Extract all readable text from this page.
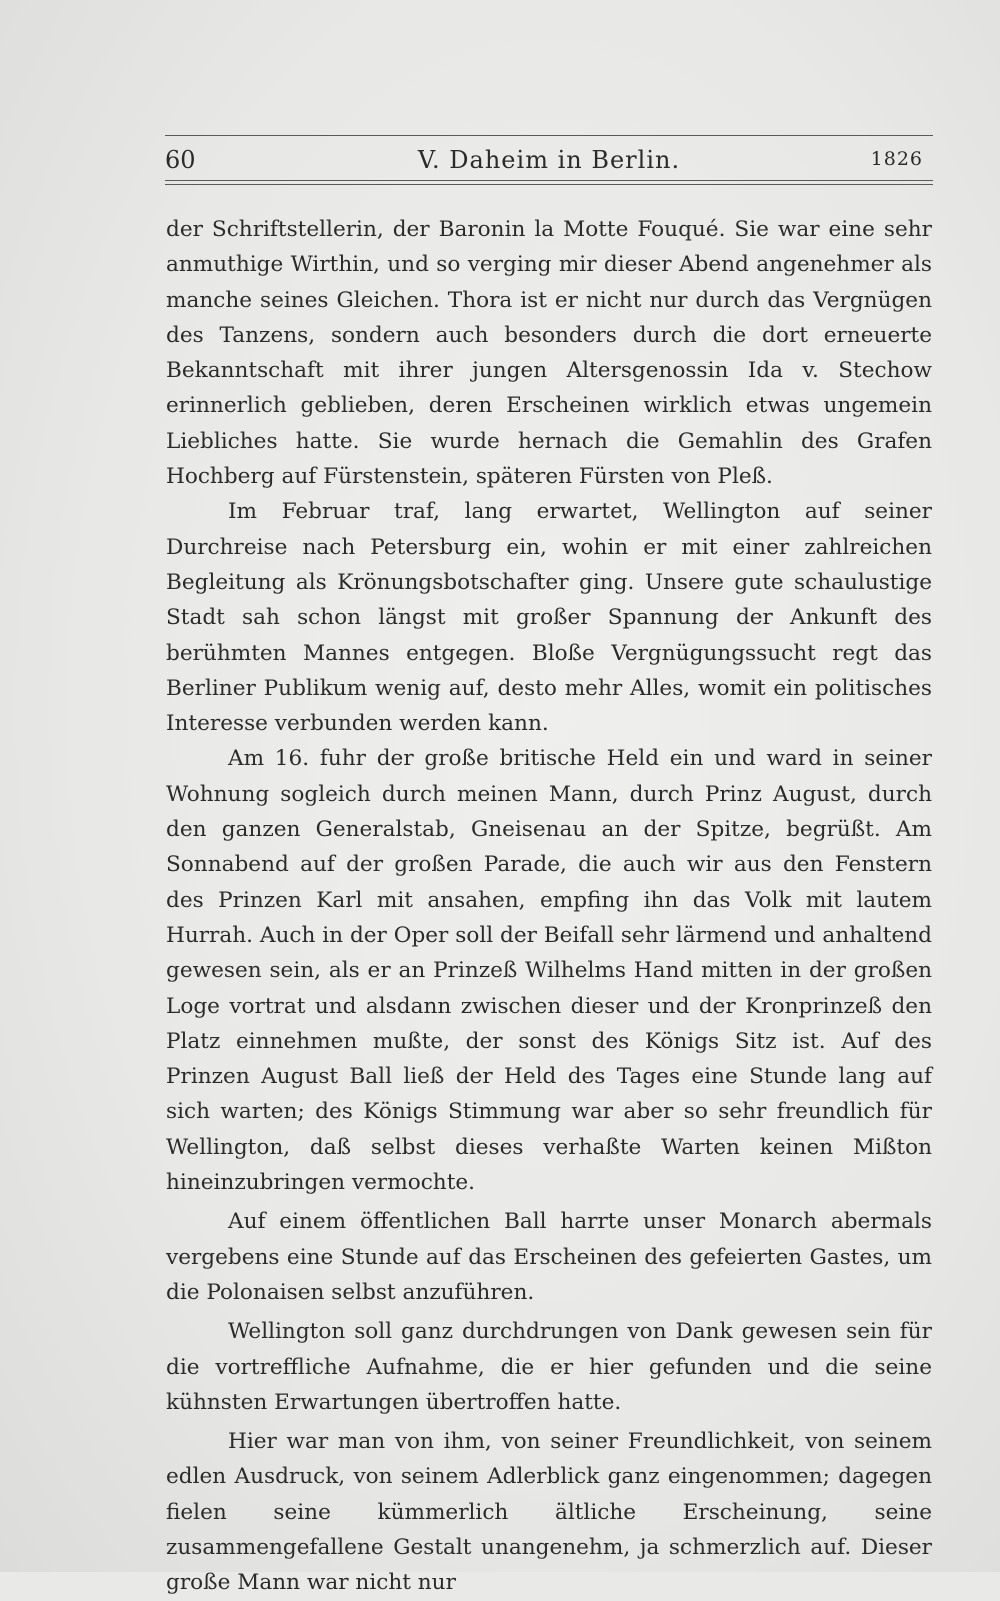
60	V. Daheim in Berlin.	1826

der Schriftstellerin, der Baronin la Motte Fouqué. Sie war eine sehr anmuthige Wirthin, und so verging mir dieser Abend angenehmer als manche seines Gleichen. Thora ist er nicht nur durch das Vergnügen des Tanzens, sondern auch besonders durch die dort erneuerte Bekanntschaft mit ihrer jungen Altersgenossin Ida v. Stechow erinnerlich geblieben, deren Erscheinen wirklich etwas ungemein Liebliches hatte. Sie wurde hernach die Gemahlin des Grafen Hochberg auf Fürstenstein, späteren Fürsten von Pleß.

Im Februar traf, lang erwartet, Wellington auf seiner Durchreise nach Petersburg ein, wohin er mit einer zahlreichen Begleitung als Krönungsbotschafter ging. Unsere gute schaulustige Stadt sah schon längst mit großer Spannung der Ankunft des berühmten Mannes entgegen. Bloße Vergnügungssucht regt das Berliner Publikum wenig auf, desto mehr Alles, womit ein politisches Interesse verbunden werden kann.

Am 16. fuhr der große britische Held ein und ward in seiner Wohnung sogleich durch meinen Mann, durch Prinz August, durch den ganzen Generalstab, Gneisenau an der Spitze, begrüßt. Am Sonnabend auf der großen Parade, die auch wir aus den Fenstern des Prinzen Karl mit ansahen, empfing ihn das Volk mit lautem Hurrah. Auch in der Oper soll der Beifall sehr lärmend und anhaltend gewesen sein, als er an Prinzeß Wilhelms Hand mitten in der großen Loge vortrat und alsdann zwischen dieser und der Kronprinzeß den Platz einnehmen mußte, der sonst des Königs Sitz ist. Auf des Prinzen August Ball ließ der Held des Tages eine Stunde lang auf sich warten; des Königs Stimmung war aber so sehr freundlich für Wellington, daß selbst dieses verhaßte Warten keinen Mißton hineinzubringen vermochte.

Auf einem öffentlichen Ball harrte unser Monarch abermals vergebens eine Stunde auf das Erscheinen des gefeierten Gastes, um die Polonaisen selbst anzuführen.

Wellington soll ganz durchdrungen von Dank gewesen sein für die vortreffliche Aufnahme, die er hier gefunden und die seine kühnsten Erwartungen übertroffen hatte.

Hier war man von ihm, von seiner Freundlichkeit, von seinem edlen Ausdruck, von seinem Adlerblick ganz eingenommen; dagegen fielen seine kümmerlich ältliche Erscheinung, seine zusammengefallene Gestalt unangenehm, ja schmerzlich auf. Dieser große Mann war nicht nur
